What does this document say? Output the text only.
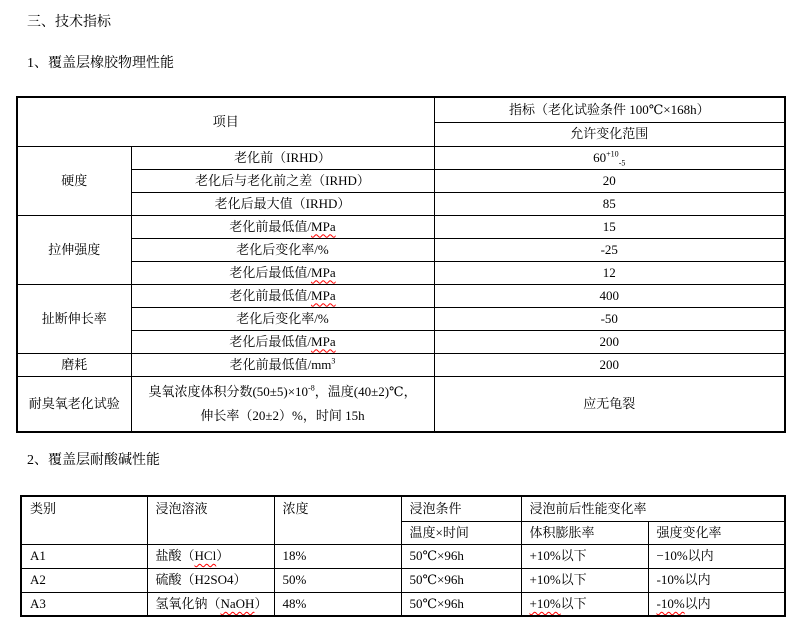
三、技术指标
1、覆盖层橡胶物理性能
项目		指标（老化试验条件 100℃×168h）
		允许变化范围
硬度	老化前（IRHD）	$60^{+10}_{-5}$
	老化后与老化前之差（IRHD）	20
	老化后最大值（IRHD）	85
拉伸强度	老化前最低值/MPa	15
	老化后变化率/%	-25
	老化后最低值/MPa	12
扯断伸长率	老化前最低值/MPa	400
	老化后变化率/%	-50
	老化后最低值/MPa	200
磨耗	老化前最低值$/mm^3$	200
耐臭氧老化试验	臭氧浓度体积分数$(50\pm 5)\times 10^{-8}$，温度(40±2)℃，
伸长率（20±2）%，时间 15h	应无龟裂
2、覆盖层耐酸碱性能
类别	浸泡溶液	浓度	浸泡条件	浸泡前后性能变化率	
			温度×时间	体积膨胀率	强度变化率
A1	盐酸（HCl）	18%	50℃×96h	+10%以下	−10%以内
A2	硫酸（H2SO4）	50%	50℃×96h	+10%以下	-10%以内
A3	氢氧化钠（NaOH）	48%	50℃×96h	+10%以下	-10%以内
